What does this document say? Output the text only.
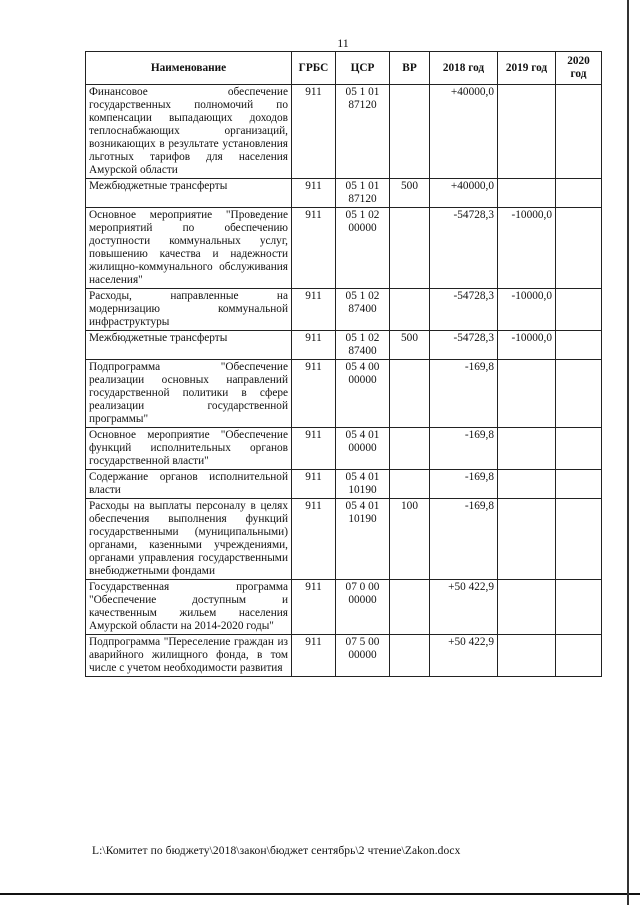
11
Наименование	ГРБС	ЦСР	ВР	2018 год	2019 год	2020 год
Финансовое обеспечение государственных полномочий по компенсации выпадающих доходов теплоснабжающих организаций, возникающих в результате установления льготных тарифов для населения Амурской области	911	05 1 01 87120		+40000,0		
Межбюджетные трансферты	911	05 1 01 87120	500	+40000,0		
Основное мероприятие "Проведение мероприятий по обеспечению доступности коммунальных услуг, повышению качества и надежности жилищно-коммунального обслуживания населения"	911	05 1 02 00000		-54728,3	-10000,0	
Расходы, направленные на модернизацию коммунальной инфраструктуры	911	05 1 02 87400		-54728,3	-10000,0	
Межбюджетные трансферты	911	05 1 02 87400	500	-54728,3	-10000,0	
Подпрограмма "Обеспечение реализации основных направлений государственной политики в сфере реализации государственной программы"	911	05 4 00 00000		-169,8		
Основное мероприятие "Обеспечение функций исполнительных органов государственной власти"	911	05 4 01 00000		-169,8		
Содержание органов исполнительной власти	911	05 4 01 10190		-169,8		
Расходы на выплаты персоналу в целях обеспечения выполнения функций государственными (муниципальными) органами, казенными учреждениями, органами управления государственными внебюджетными фондами	911	05 4 01 10190	100	-169,8		
Государственная программа "Обеспечение доступным и качественным жильем населения Амурской области на 2014-2020 годы"	911	07 0 00 00000		+50 422,9		
Подпрограмма "Переселение граждан из аварийного жилищного фонда, в том числе с учетом необходимости развития	911	07 5 00 00000		+50 422,9		
L:\Комитет по бюджету\2018\закон\бюджет сентябрь\2 чтение\Zakon.docx
